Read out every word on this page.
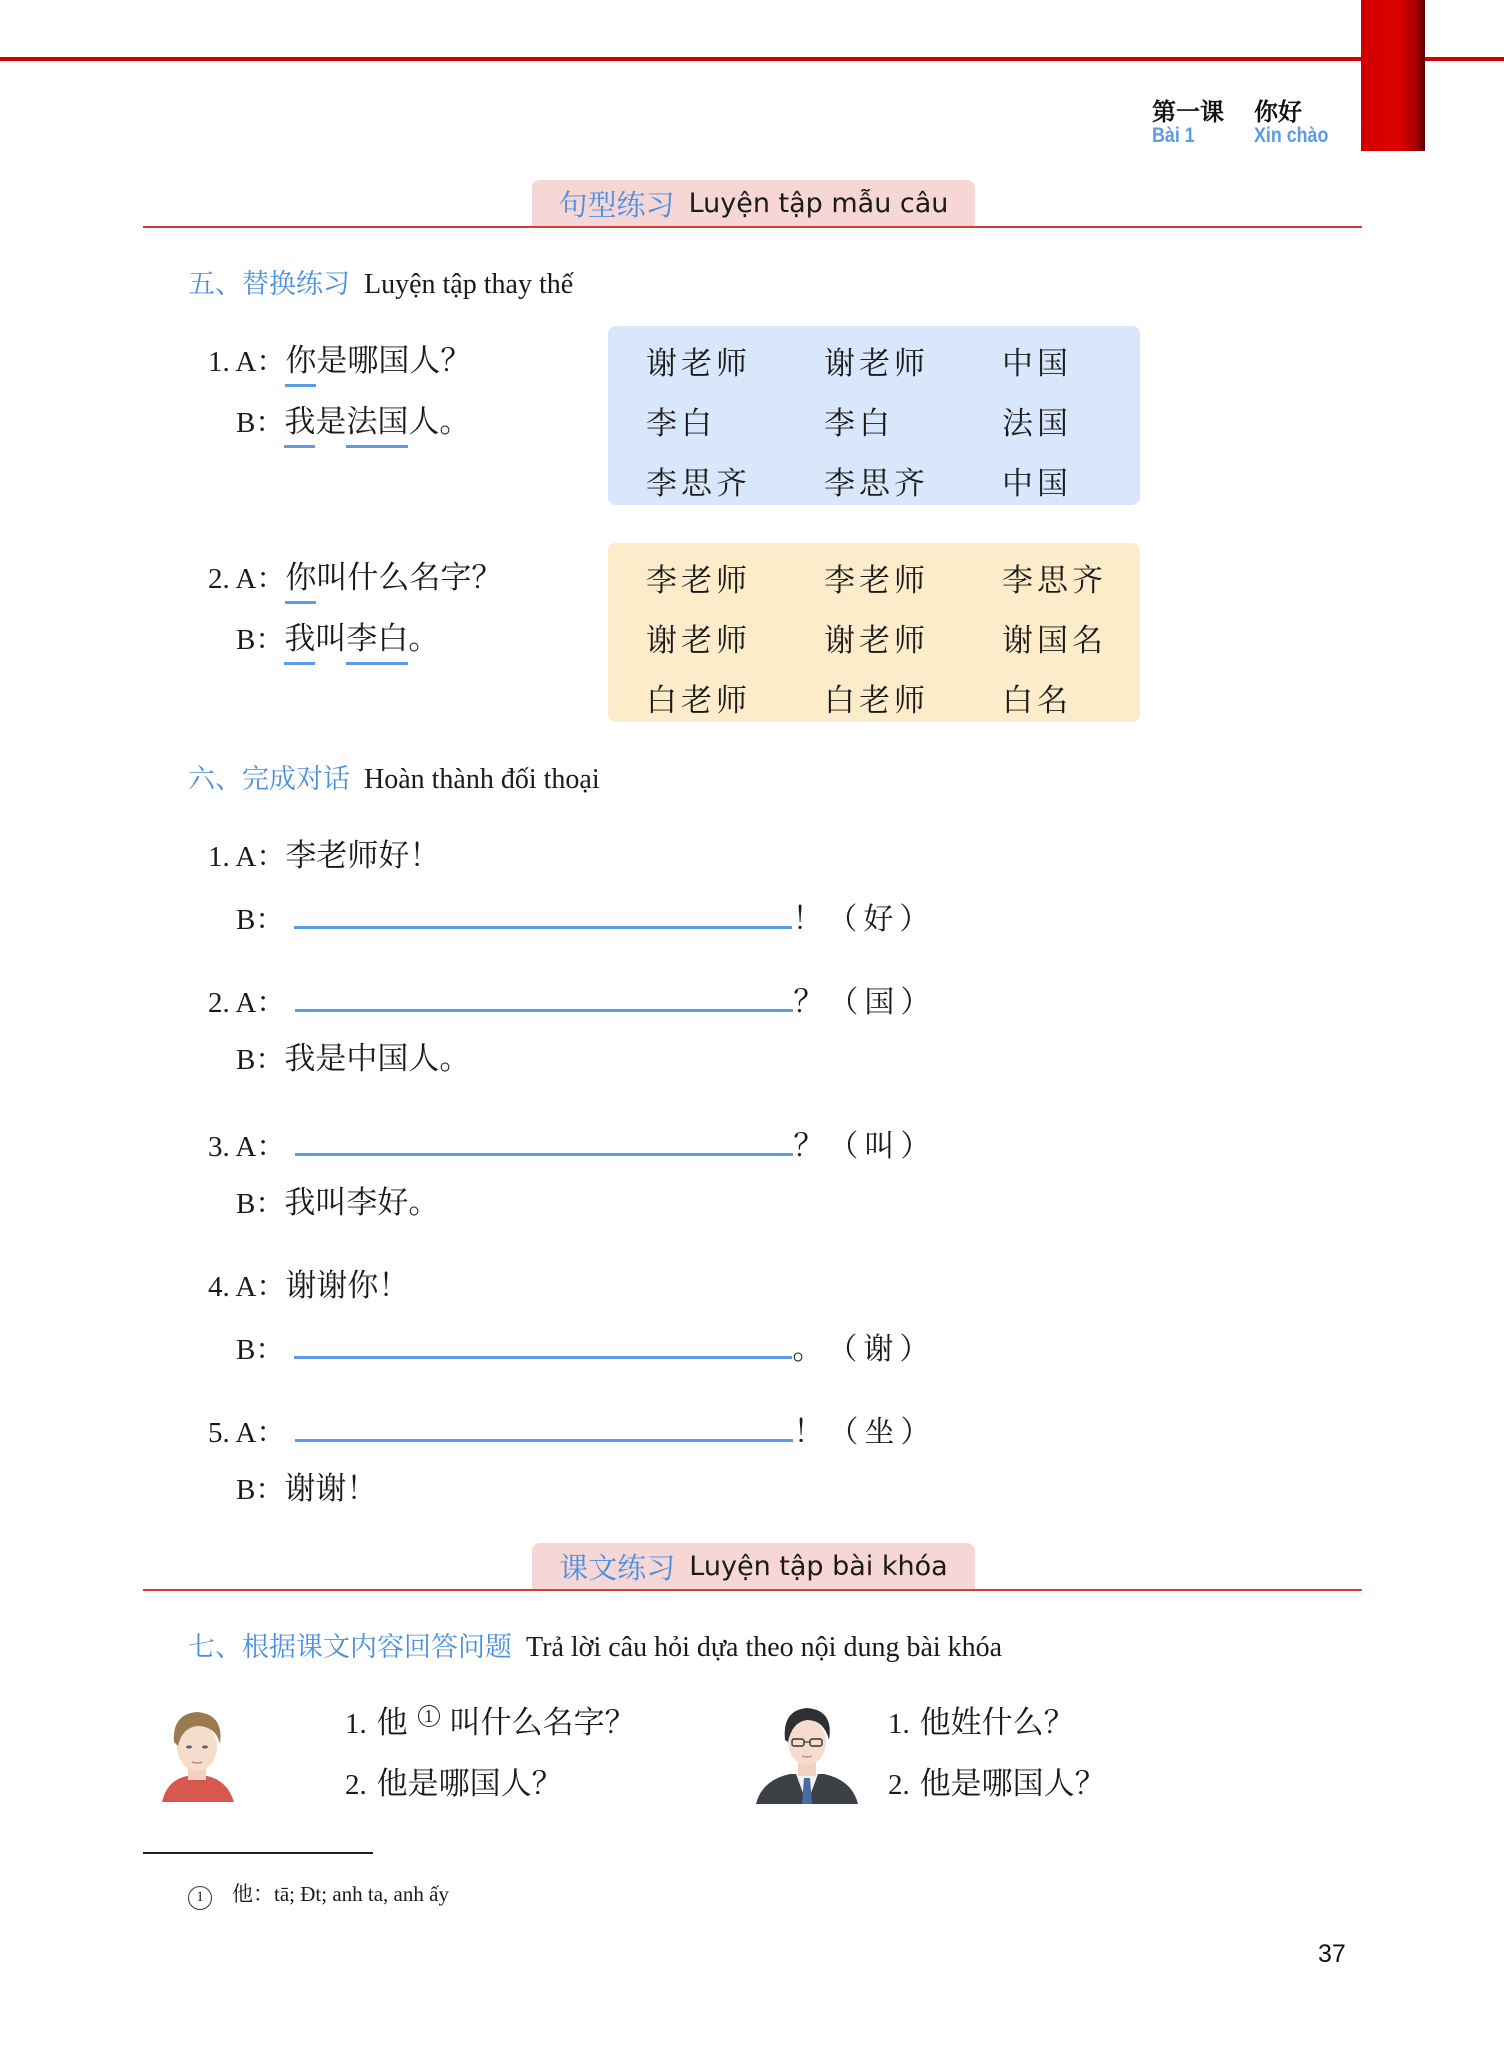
第一课 你好
Bài 1	Xin chào
句型练习 Luyện tập mẫu câu
五、替换练习 Luyện tập thay thế
1. A： 你 是哪国人？
B： 我 是 法国 人。
谢老师	谢老师	中国
李白	李白	法国
李思齐	李思齐	中国
2. A： 你 叫什么名字？
B： 我 叫 李白 。
李老师	李老师	李思齐
谢老师	谢老师	谢国名
白老师	白老师	白名
六、完成对话 Hoàn thành đối thoại
1. A： 李老师好！
B：	！ （好）
2. A：	？ （国）
B： 我是中国人。
3. A：	？ （叫）
B： 我叫李好。
4. A： 谢谢你！
B：	。 （谢）
5. A：	！ （坐）
B： 谢谢！
课文练习 Luyện tập bài khóa
七、根据课文内容回答问题 Trả lời câu hỏi dựa theo nội dung bài khóa
1. 他 1 叫什么名字？
2. 他是哪国人？
1. 他姓什么？
2. 他是哪国人？
1 他：tā; Đt; anh ta, anh ấy
37
